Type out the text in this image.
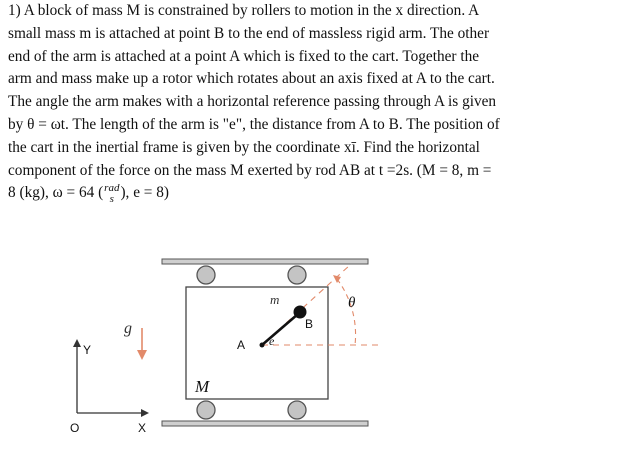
1) A block of mass M is constrained by rollers to motion in the x direction. A
small mass m is attached at point B to the end of massless rigid arm. The other
end of the arm is attached at a point A which is fixed to the cart. Together the
arm and mass make up a rotor which rotates about an axis fixed at A to the cart.
The angle the arm makes with a horizontal reference passing through A is given
by θ = ωt. The length of the arm is "e", the distance from A to B. The position of
the cart in the inertial frame is given by the coordinate xī. Find the horizontal
component of the force on the mass M exerted by rod AB at t =2s. (M = 8, m =
8 (kg), ω = 64 ( rad
s ), e = 8)
m
B
A e
θ
M
g
Y
O	X
